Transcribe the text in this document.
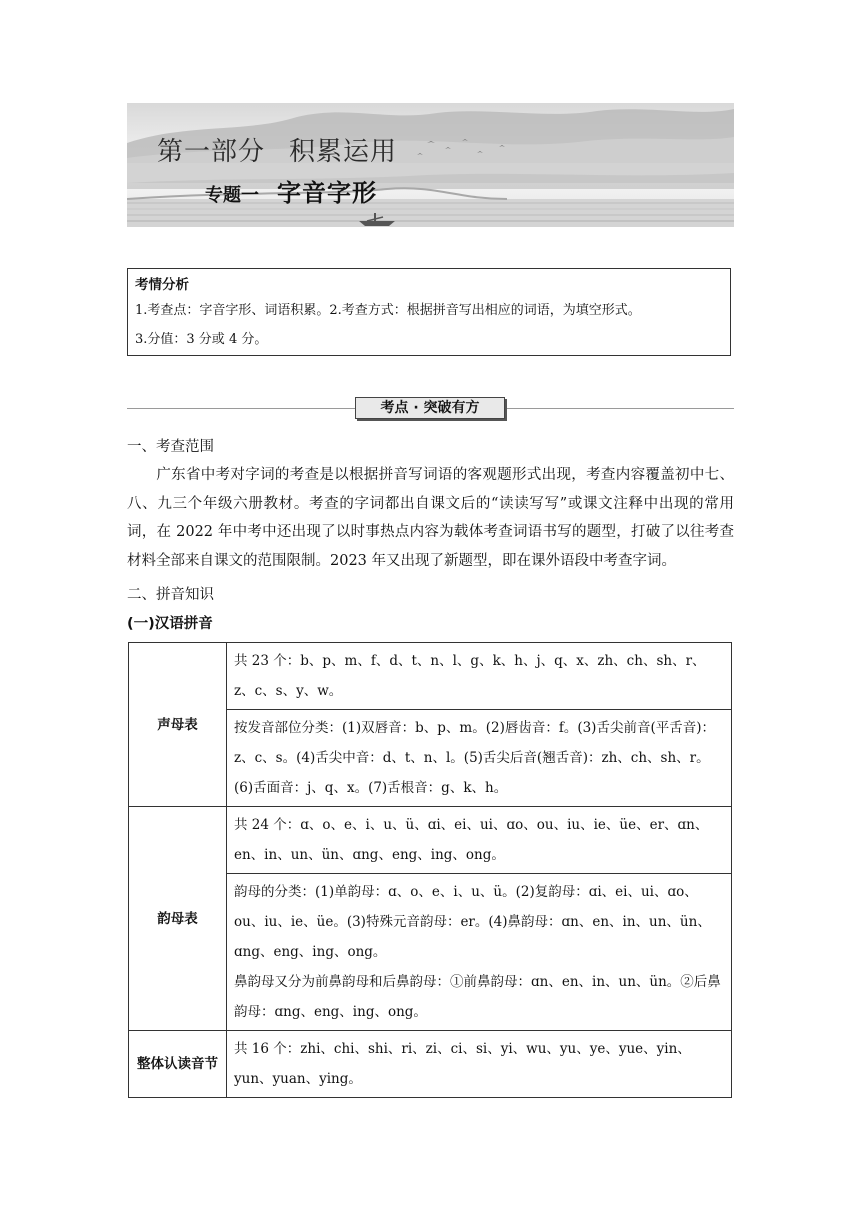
第一部分 积累运用
专题一 字音字形
考情分析
1.考查点：字音字形、词语积累。2.考查方式：根据拼音写出相应的词语，为填空形式。
3.分值：3 分或 4 分。
考点 · 突破有方
一、考查范围
广东省中考对字词的考查是以根据拼音写词语的客观题形式出现，考查内容覆盖初中七、八、九三个年级六册教材。考查的字词都出自课文后的“读读写写”或课文注释中出现的常用词，在 2022 年中考中还出现了以时事热点内容为载体考查词语书写的题型，打破了以往考查材料全部来自课文的范围限制。2023 年又出现了新题型，即在课外语段中考查字词。
二、拼音知识
(一)汉语拼音
声母表	共 23 个：b、p、m、f、d、t、n、l、g、k、h、j、q、x、zh、ch、sh、r、z、c、s、y、w。
	按发音部位分类：(1)双唇音：b、p、m。(2)唇齿音：f。(3)舌尖前音(平舌音)：z、c、s。(4)舌尖中音：d、t、n、l。(5)舌尖后音(翘舌音)：zh、ch、sh、r。(6)舌面音：j、q、x。(7)舌根音：g、k、h。
韵母表	共 24 个：ɑ、o、e、i、u、ü、ɑi、ei、ui、ɑo、ou、iu、ie、üe、er、ɑn、en、in、un、ün、ɑng、eng、ing、ong。

	韵母的分类：(1)单韵母：ɑ、o、e、i、u、ü。(2)复韵母：ɑi、ei、ui、ɑo、ou、iu、ie、üe。(3)特殊元音韵母：er。(4)鼻韵母：ɑn、en、in、un、ün、ɑng、eng、ing、ong。
鼻韵母又分为前鼻韵母和后鼻韵母：①前鼻韵母：ɑn、en、in、un、ün。②后鼻韵母：ɑng、eng、ing、ong。

整体认读音节	共 16 个：zhi、chi、shi、ri、zi、ci、si、yi、wu、yu、ye、yue、yin、yun、yuan、ying。
